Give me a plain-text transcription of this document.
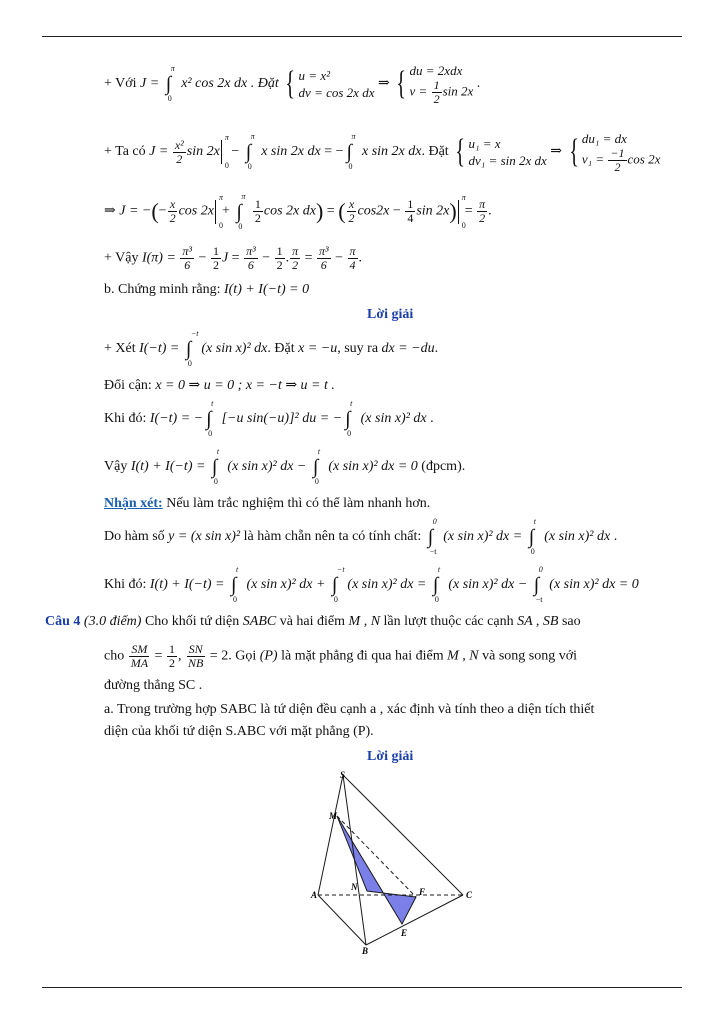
+ Với J = ∫
π
0
x² cos 2x dx . Đặt { u = x²
dv = cos 2x dx
⇒ { du = 2xdx
$v = \frac{1}{2}$ sin 2x .
+ Ta có $J = \frac{\text{x²}}{2}$ sin 2x
π
0
− ∫
π
0
x sin 2x dx = − ∫
π
0
x sin 2x dx. Đặt { u₁ = x
dv₁ = sin 2x dx
⇒ { du₁ = dx
$v_1 = \frac{-1}{2}$ cos 2x
⇒ J = −(− $\frac{x}{2}$ cos 2x
π
0
+ ∫
π
0
$\frac{1}{2}$ cos 2x dx) = ( $\frac{x}{2} \cos 2x - \frac{1}{4}$ sin 2x)
π
0
= $\frac{\pi}{2}$ .
+ Vậy $I(\pi) = \frac{\text{π³}}{6} - \frac{1}{2}$ $J = \frac{\text{π³}}{6} - \frac{1}{2}$ . $\frac{\pi}{2} = \frac{\text{π³}}{6} - \frac{\pi}{4}$ .
b. Chứng minh rằng: I(t) + I(−t) = 0
Lời giải
+ Xét I(−t) = ∫
−t
0
(x sin x)² dx. Đặt x = −u, suy ra dx = −du.
Đổi cận: x = 0 ⇒ u = 0 ; x = −t ⇒ u = t .
Khi đó: I(−t) = − ∫
t
0
[−u sin(−u)]² du = − ∫
t
0
(x sin x)² dx .
Vậy I(t) + I(−t) = ∫
t
0
(x sin x)² dx − ∫
t
0
(x sin x)² dx = 0 (đpcm).
Nhận xét: Nếu làm trắc nghiệm thì có thể làm nhanh hơn.
Do hàm số y = (x sin x)² là hàm chẵn nên ta có tính chất: ∫
0
−t
(x sin x)² dx = ∫
t
0
(x sin x)² dx .
Khi đó: I(t) + I(−t) = ∫
t
0
(x sin x)² dx + ∫
−t
0
(x sin x)² dx = ∫
t
0
(x sin x)² dx − ∫
0
−t
(x sin x)² dx = 0
Câu 4 (3.0 điểm) Cho khối tứ diện SABC và hai điểm M , N lần lượt thuộc các cạnh SA , SB sao
cho $\frac{SM}{MA} = \frac{1}{2}$ , $\frac{SN}{NB} = 2$. Gọi (P) là mặt phẳng đi qua hai điểm M , N và song song với
đường thẳng SC .
a. Trong trường hợp SABC là tứ diện đều cạnh a , xác định và tính theo a diện tích thiết
diện của khối tứ diện S.ABC với mặt phẳng (P).
Lời giải
S
M
N
A	F	C
E
B
